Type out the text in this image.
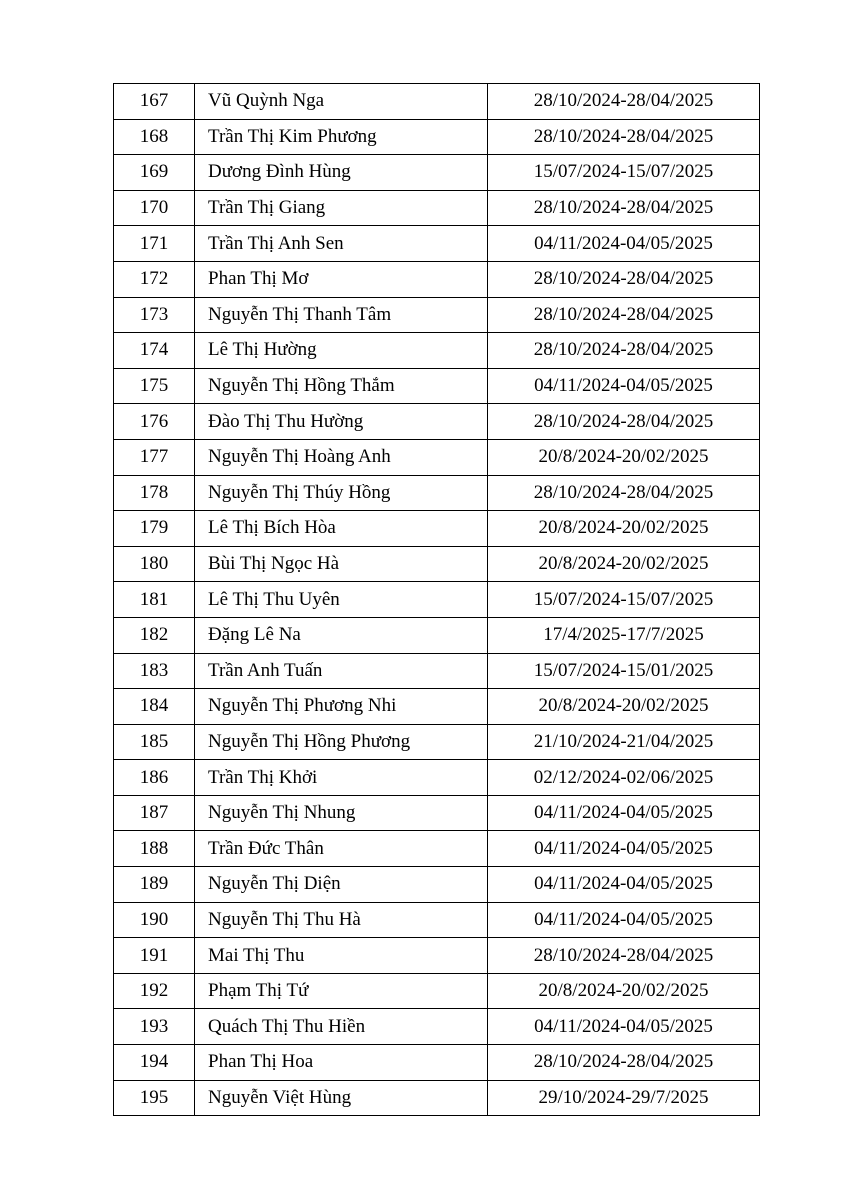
167	Vũ Quỳnh Nga	28/10/2024-28/04/2025
168	Trần Thị Kim Phương	28/10/2024-28/04/2025
169	Dương Đình Hùng	15/07/2024-15/07/2025
170	Trần Thị Giang	28/10/2024-28/04/2025
171	Trần Thị Anh Sen	04/11/2024-04/05/2025
172	Phan Thị Mơ	28/10/2024-28/04/2025
173	Nguyễn Thị Thanh Tâm	28/10/2024-28/04/2025
174	Lê Thị Hường	28/10/2024-28/04/2025
175	Nguyễn Thị Hồng Thắm	04/11/2024-04/05/2025
176	Đào Thị Thu Hường	28/10/2024-28/04/2025
177	Nguyễn Thị Hoàng Anh	20/8/2024-20/02/2025
178	Nguyễn Thị Thúy Hồng	28/10/2024-28/04/2025
179	Lê Thị Bích Hòa	20/8/2024-20/02/2025
180	Bùi Thị Ngọc Hà	20/8/2024-20/02/2025
181	Lê Thị Thu Uyên	15/07/2024-15/07/2025
182	Đặng Lê Na	17/4/2025-17/7/2025
183	Trần Anh Tuấn	15/07/2024-15/01/2025
184	Nguyễn Thị Phương Nhi	20/8/2024-20/02/2025
185	Nguyễn Thị Hồng Phương	21/10/2024-21/04/2025
186	Trần Thị Khởi	02/12/2024-02/06/2025
187	Nguyễn Thị Nhung	04/11/2024-04/05/2025
188	Trần Đức Thân	04/11/2024-04/05/2025
189	Nguyễn Thị Diện	04/11/2024-04/05/2025
190	Nguyễn Thị Thu Hà	04/11/2024-04/05/2025
191	Mai Thị Thu	28/10/2024-28/04/2025
192	Phạm Thị Tứ	20/8/2024-20/02/2025
193	Quách Thị Thu Hiền	04/11/2024-04/05/2025
194	Phan Thị Hoa	28/10/2024-28/04/2025
195	Nguyễn Việt Hùng	29/10/2024-29/7/2025
